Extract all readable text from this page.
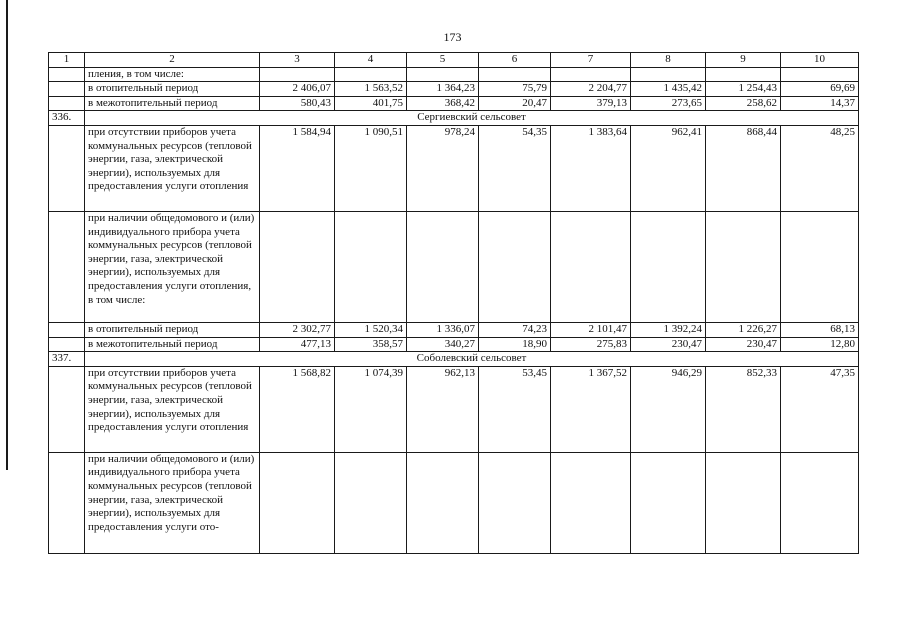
173
1	2	3	4	5	6	7	8	9	10
	пления, в том числе:								
	в отопительный период	2 406,07	1 563,52	1 364,23	75,79	2 204,77	1 435,42	1 254,43	69,69
	в межотопительный период	580,43	401,75	368,42	20,47	379,13	273,65	258,62	14,37
336.	Сергиевский сельсовет								
	при отсутствии приборов учета коммунальных ресурсов (тепловой энергии, газа, электрической энергии), используемых для предоставления услуги отопления	1 584,94	1 090,51	978,24	54,35	1 383,64	962,41	868,44	48,25
	при наличии общедомового и (или) индивидуального прибора учета коммунальных ресурсов (тепловой энергии, газа, электрической энергии), используемых для предоставления услуги отопления, в том числе:								
	в отопительный период	2 302,77	1 520,34	1 336,07	74,23	2 101,47	1 392,24	1 226,27	68,13
	в межотопительный период	477,13	358,57	340,27	18,90	275,83	230,47	230,47	12,80
337.	Соболевский сельсовет								
	при отсутствии приборов учета коммунальных ресурсов (тепловой энергии, газа, электрической энергии), используемых для предоставления услуги отопления	1 568,82	1 074,39	962,13	53,45	1 367,52	946,29	852,33	47,35
	при наличии общедомового и (или) индивидуального прибора учета коммунальных ресурсов (тепловой энергии, газа, электрической энергии), используемых для предоставления услуги ото-								
